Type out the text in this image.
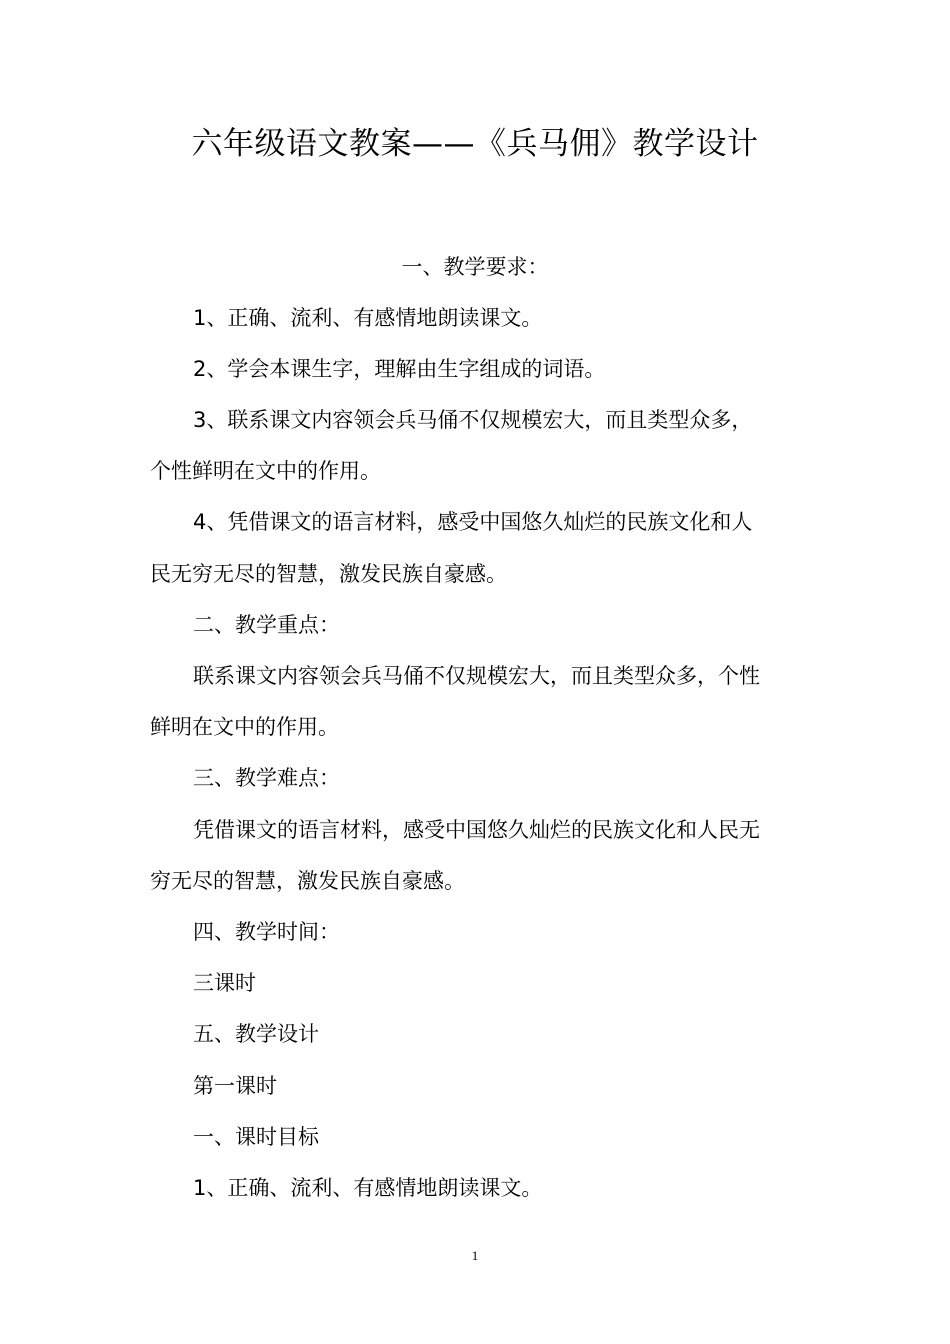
六年级语文教案——《兵马佣》教学设计

一、教学要求：

1、正确、流利、有感情地朗读课文。

2、学会本课生字，理解由生字组成的词语。

3、联系课文内容领会兵马俑不仅规模宏大，而且类型众多，

个性鲜明在文中的作用。

4、凭借课文的语言材料，感受中国悠久灿烂的民族文化和人

民无穷无尽的智慧，激发民族自豪感。

二、教学重点：

联系课文内容领会兵马俑不仅规模宏大，而且类型众多，个性

鲜明在文中的作用。

三、教学难点：

凭借课文的语言材料，感受中国悠久灿烂的民族文化和人民无

穷无尽的智慧，激发民族自豪感。

四、教学时间：

三课时

五、教学设计

第一课时

一、课时目标

1、正确、流利、有感情地朗读课文。

1
